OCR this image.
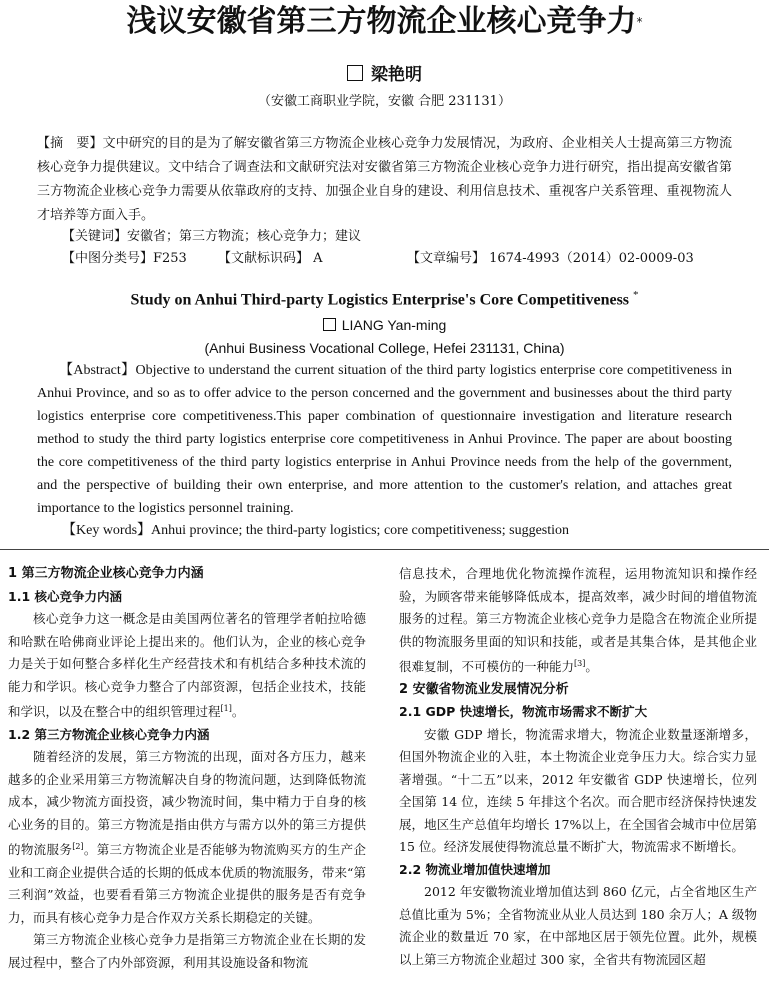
浅议安徽省第三方物流企业核心竞争力*
梁艳明
（安徽工商职业学院，安徽 合肥 231131）
【摘　要】文中研究的目的是为了解安徽省第三方物流企业核心竞争力发展情况，为政府、企业相关人士提高第三方物流核心竞争力提供建议。文中结合了调查法和文献研究法对安徽省第三方物流企业核心竞争力进行研究，指出提高安徽省第三方物流企业核心竞争力需要从依靠政府的支持、加强企业自身的建设、利用信息技术、重视客户关系管理、重视物流人才培养等方面入手。
【关键词】安徽省；第三方物流；核心竞争力；建议
【中图分类号】F253 【文献标识码】 A	【文章编号】 1674-4993（2014）02-0009-03
Study on Anhui Third-party Logistics Enterprise's Core Competitiveness *
LIANG Yan-ming
(Anhui Business Vocational College, Hefei 231131, China)
【Abstract】Objective to understand the current situation of the third party logistics enterprise core competitiveness in Anhui Province, and so as to offer advice to the person concerned and the government and businesses about the third party logistics enterprise core competitiveness.This paper combination of questionnaire investigation and literature research method to study the third party logistics enterprise core competitiveness in Anhui Province. The paper are about boosting the core competitiveness of the third party logistics enterprise in Anhui Province needs from the help of the government, and the perspective of building their own enterprise, and more attention to the customer's relation, and attaches great importance to the logistics personnel training.
【Key words】Anhui province; the third-party logistics; core competitiveness; suggestion
1 第三方物流企业核心竞争力内涵
1.1 核心竞争力内涵

核心竞争力这一概念是由美国两位著名的管理学者帕拉哈德和哈默在哈佛商业评论上提出来的。他们认为，企业的核心竞争力是关于如何整合多样化生产经营技术和有机结合多种技术流的能力和学识。核心竞争力整合了内部资源，包括企业技术，技能和学识，以及在整合中的组织管理过程[1]。

1.2 第三方物流企业核心竞争力内涵

随着经济的发展，第三方物流的出现，面对各方压力，越来越多的企业采用第三方物流解决自身的物流问题，达到降低物流成本，减少物流方面投资，减少物流时间，集中精力于自身的核心业务的目的。第三方物流是指由供方与需方以外的第三方提供的物流服务[2]。第三方物流企业是否能够为物流购买方的生产企业和工商企业提供合适的长期的低成本优质的物流服务，带来“第三利润”效益，也要看看第三方物流企业提供的服务是否有竞争力，而具有核心竞争力是合作双方关系长期稳定的关键。

第三方物流企业核心竞争力是指第三方物流企业在长期的发展过程中，整合了内外部资源，利用其设施设备和物流

信息技术，合理地优化物流操作流程，运用物流知识和操作经验，为顾客带来能够降低成本，提高效率，减少时间的增值物流服务的过程。第三方物流企业核心竞争力是隐含在物流企业所提供的物流服务里面的知识和技能，或者是其集合体，是其他企业很难复制，不可模仿的一种能力[3]。

2 安徽省物流业发展情况分析
2.1 GDP 快速增长，物流市场需求不断扩大

安徽 GDP 增长，物流需求增大，物流企业数量逐渐增多，但国外物流企业的入驻，本土物流企业竞争压力大。综合实力显著增强。“十二五”以来，2012 年安徽省 GDP 快速增长，位列全国第 14 位，连续 5 年排这个名次。而合肥市经济保持快速发展，地区生产总值年均增长 17%以上，在全国省会城市中位居第 15 位。经济发展使得物流总量不断扩大，物流需求不断增长。

2.2 物流业增加值快速增加

2012 年安徽物流业增加值达到 860 亿元，占全省地区生产总值比重为 5%；全省物流业从业人员达到 180 余万人；A 级物流企业的数量近 70 家，在中部地区居于领先位置。此外，规模以上第三方物流企业超过 300 家，全省共有物流园区超
